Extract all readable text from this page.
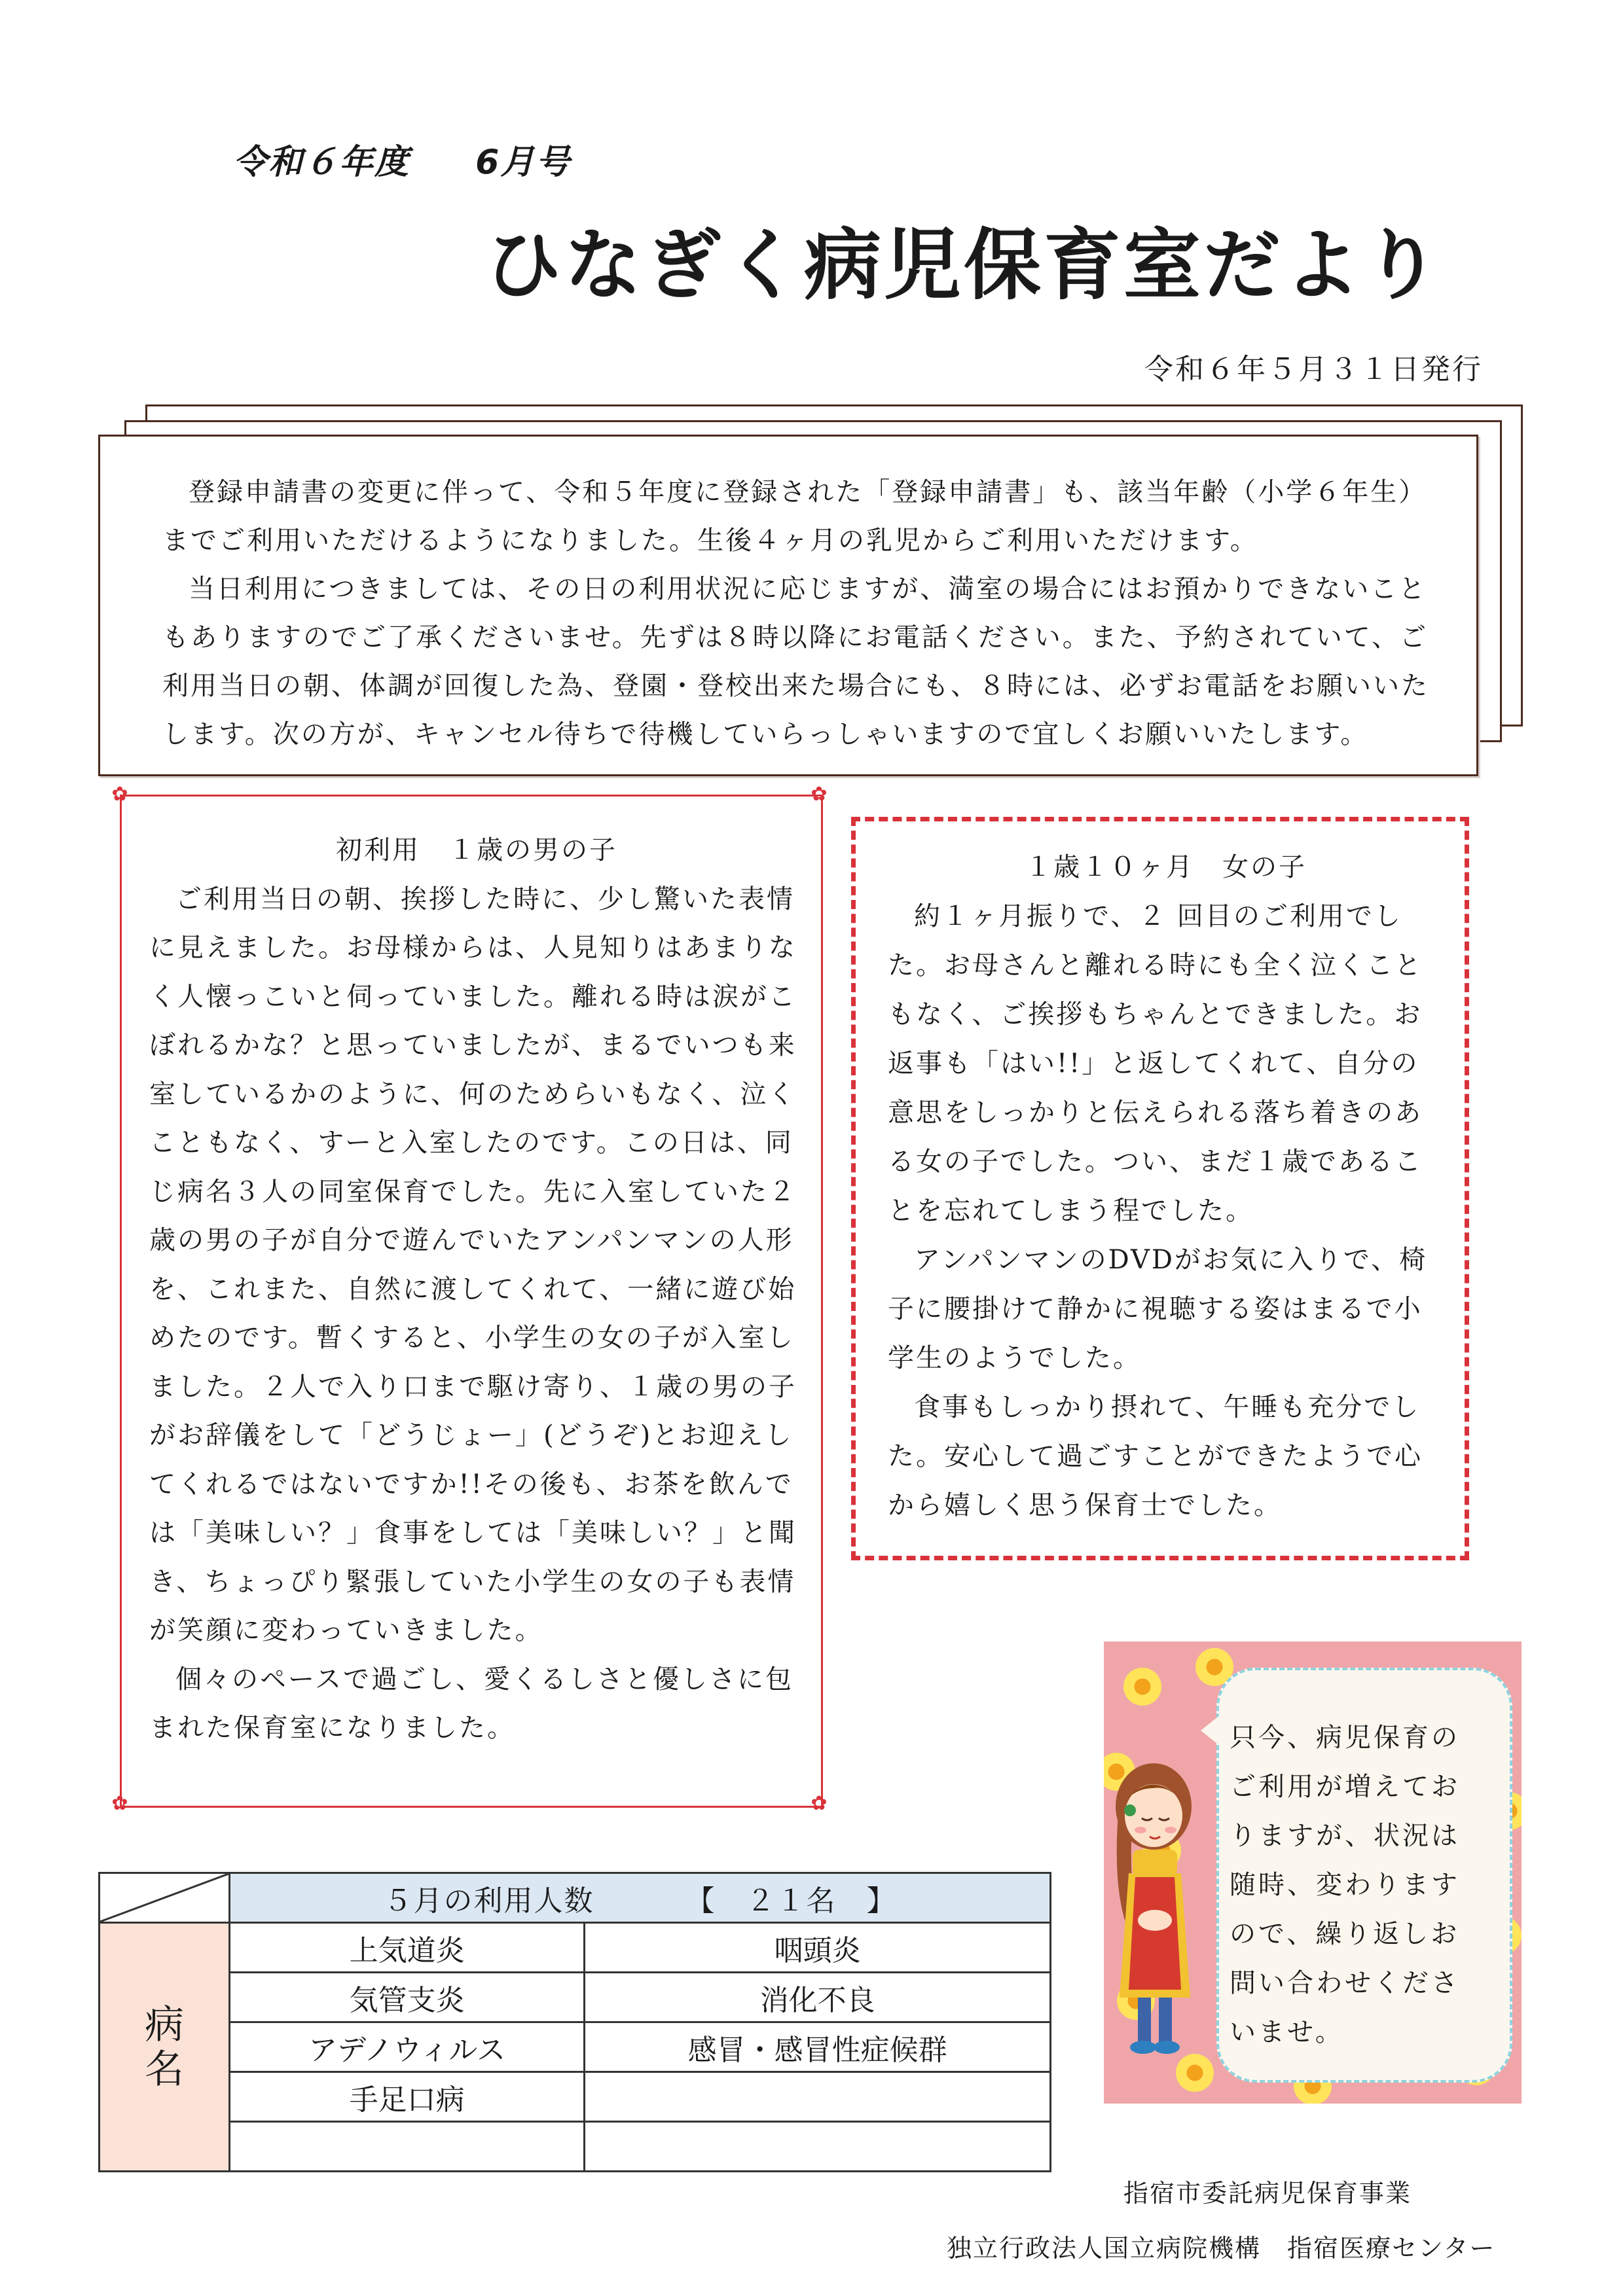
令和６年度 6月号
ひなぎく病児保育室だより
令和６年５月３１日発行

登録申請書の変更に伴って、令和５年度に登録された「登録申請書」も、該当年齢（小学６年生）までご利用いただけるようになりました。生後４ヶ月の乳児からご利用いただけます。

当日利用につきましては、その日の利用状況に応じますが、満室の場合にはお預かりできないこともありますのでご了承くださいませ。先ずは８時以降にお電話ください。また、予約されていて、ご利用当日の朝、体調が回復した為、登園・登校出来た場合にも、８時には、必ずお電話をお願いいたします。次の方が、キャンセル待ちで待機していらっしゃいますので宜しくお願いいたします。

✿	✿
✿	✿
初利用　１歳の男の子

ご利用当日の朝、挨拶した時に、少し驚いた表情に見えました。お母様からは、人見知りはあまりなく人懐っこいと伺っていました。離れる時は涙がこぼれるかな？と思っていましたが、まるでいつも来室しているかのように、何のためらいもなく、泣くこともなく、すーと入室したのです。この日は、同じ病名３人の同室保育でした。先に入室していた２歳の男の子が自分で遊んでいたアンパンマンの人形を、これまた、自然に渡してくれて、一緒に遊び始めたのです。暫くすると、小学生の女の子が入室しました。２人で入り口まで駆け寄り、１歳の男の子がお辞儀をして「どうじょー」(どうぞ)とお迎えしてくれるではないですか!!その後も、お茶を飲んでは「美味しい？」食事をしては「美味しい？」と聞き、ちょっぴり緊張していた小学生の女の子も表情が笑顔に変わっていきました。

個々のペースで過ごし、愛くるしさと優しさに包まれた保育室になりました。

１歳１０ヶ月　女の子

約１ヶ月振りで、２ 回目のご利用でした。お母さんと離れる時にも全く泣くこともなく、ご挨拶もちゃんとできました。お返事も「はい!!」と返してくれて、自分の意思をしっかりと伝えられる落ち着きのある女の子でした。つい、まだ１歳であることを忘れてしまう程でした。

アンパンマンのDVDがお気に入りで、椅子に腰掛けて静かに視聴する姿はまるで小学生のようでした。

食事もしっかり摂れて、午睡も充分でした。安心して過ごすことができたようで心から嬉しく思う保育士でした。

只今、病児保育の
ご利用が増えてお
りますが、状況は
随時、変わります
ので、繰り返しお
問い合わせくださ
いませ。
	５月の利用人数 【　２１名　】	

病名	上気道炎	咽頭炎
	気管支炎	消化不良
	アデノウィルス	感冒・感冒性症候群
	手足口病	

指宿市委託病児保育事業
独立行政法人国立病院機構　指宿医療センター
